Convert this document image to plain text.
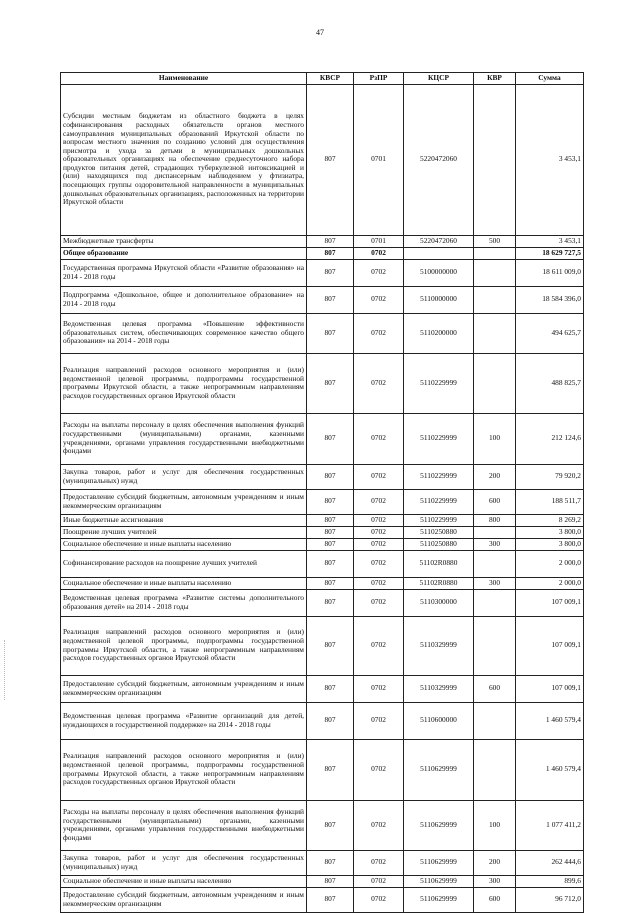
47
Наименование	КВСР	РзПР	КЦСР	КВР	Сумма
Субсидии местным бюджетам из областного бюджета в целях софинансирования расходных обязательств органов местного самоуправления муниципальных образований Иркутской области по вопросам местного значения по созданию условий для осуществления присмотра и ухода за детьми в муниципальных дошкольных образовательных организациях на обеспечение среднесуточного набора продуктов питания детей, страдающих туберкулезной интоксикацией и (или) находящихся под диспансерным наблюдением у фтизиатра, посещающих группы оздоровительной направленности в муниципальных дошкольных образовательных организациях, расположенных на территории Иркутской области	807	0701	5220472060		3 453,1
Межбюджетные трансферты	807	0701	5220472060	500	3 453,1
Общее образование	807	0702			18 629 727,5
Государственная программа Иркутской области «Развитие образования» на 2014 - 2018 годы	807	0702	5100000000		18 611 009,0
Подпрограмма «Дошкольное, общее и дополнительное образование» на 2014 - 2018 годы	807	0702	5110000000		18 584 396,0
Ведомственная целевая программа «Повышение эффективности образовательных систем, обеспечивающих современное качество общего образования» на 2014 - 2018 годы	807	0702	5110200000		494 625,7
Реализация направлений расходов основного мероприятия и (или) ведомственной целевой программы, подпрограммы государственной программы Иркутской области, а также непрограммным направлениям расходов государственных органов Иркутской области	807	0702	5110229999		488 825,7
Расходы на выплаты персоналу в целях обеспечения выполнения функций государственными (муниципальными) органами, казенными учреждениями, органами управления государственными внебюджетными фондами	807	0702	5110229999	100	212 124,6
Закупка товаров, работ и услуг для обеспечения государственных (муниципальных) нужд	807	0702	5110229999	200	79 920,2
Предоставление субсидий бюджетным, автономным учреждениям и иным некоммерческим организациям	807	0702	5110229999	600	188 511,7
Иные бюджетные ассигнования	807	0702	5110229999	800	8 269,2
Поощрение лучших учителей	807	0702	5110250880		3 800,0
Социальное обеспечение и иные выплаты населению	807	0702	5110250880	300	3 800,0
Софинансирование расходов на поощрение лучших учителей	807	0702	51102R0880		2 000,0
Социальное обеспечение и иные выплаты населению	807	0702	51102R0880	300	2 000,0
Ведомственная целевая программа «Развитие системы дополнительного образования детей» на 2014 - 2018 годы	807	0702	5110300000		107 009,1
Реализация направлений расходов основного мероприятия и (или) ведомственной целевой программы, подпрограммы государственной программы Иркутской области, а также непрограммным направлениям расходов государственных органов Иркутской области	807	0702	5110329999		107 009,1
Предоставление субсидий бюджетным, автономным учреждениям и иным некоммерческим организациям	807	0702	5110329999	600	107 009,1
Ведомственная целевая программа «Развитие организаций для детей, нуждающихся в государственной поддержке» на 2014 - 2018 годы	807	0702	5110600000		1 460 579,4
Реализация направлений расходов основного мероприятия и (или) ведомственной целевой программы, подпрограммы государственной программы Иркутской области, а также непрограммным направлениям расходов государственных органов Иркутской области	807	0702	5110629999		1 460 579,4
Расходы на выплаты персоналу в целях обеспечения выполнения функций государственными (муниципальными) органами, казенными учреждениями, органами управления государственными внебюджетными фондами	807	0702	5110629999	100	1 077 411,2
Закупка товаров, работ и услуг для обеспечения государственных (муниципальных) нужд	807	0702	5110629999	200	262 444,6
Социальное обеспечение и иные выплаты населению	807	0702	5110629999	300	899,6
Предоставление субсидий бюджетным, автономным учреждениям и иным некоммерческим организациям	807	0702	5110629999	600	96 712,0
